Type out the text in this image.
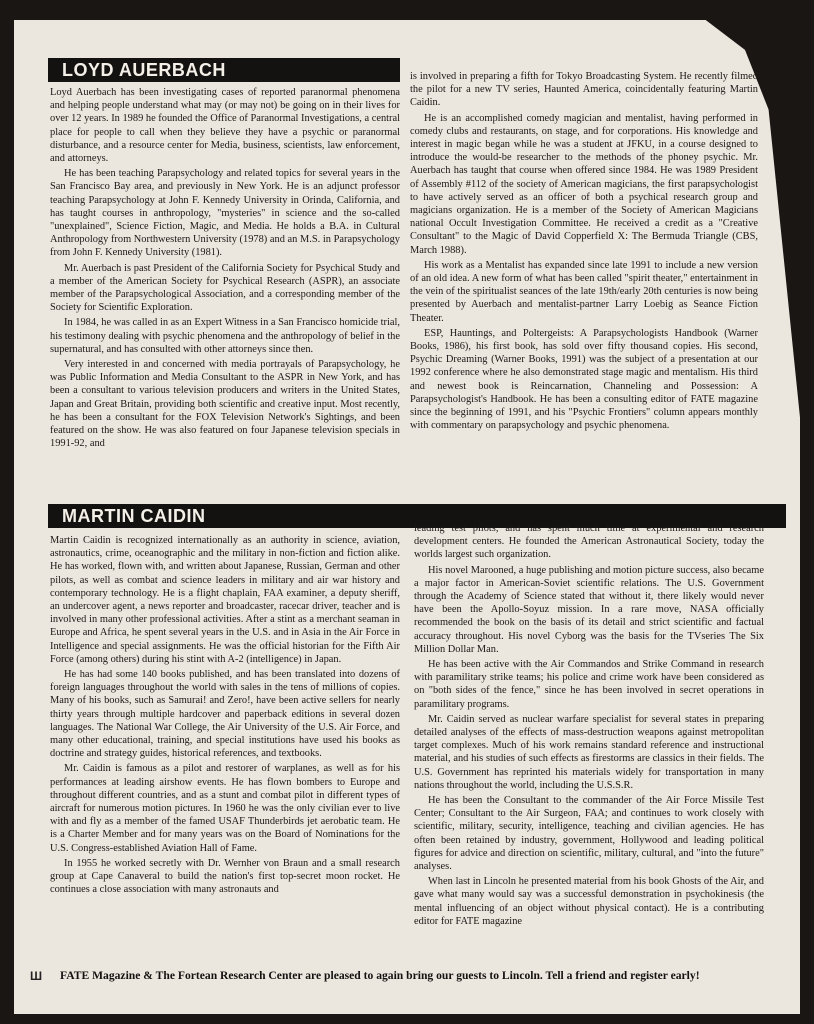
LOYD AUERBACH

Loyd Auerbach has been investigating cases of reported paranormal phenomena and helping people understand what may (or may not) be going on in their lives for over 12 years. In 1989 he founded the Office of Paranormal Investigations, a central place for people to call when they believe they have a psychic or paranormal disturbance, and a resource center for Media, business, scientists, law enforcement, and attorneys.

He has been teaching Parapsychology and related topics for several years in the San Francisco Bay area, and previously in New York. He is an adjunct professor teaching Parapsychology at John F. Kennedy University in Orinda, California, and has taught courses in anthropology, "mysteries" in science and the so-called "unexplained", Science Fiction, Magic, and Media. He holds a B.A. in Cultural Anthropology from Northwestern University (1978) and an M.S. in Parapsychology from John F. Kennedy University (1981).

Mr. Auerbach is past President of the California Society for Psychical Study and a member of the American Society for Psychical Research (ASPR), an associate member of the Parapsychological Association, and a corresponding member of the Society for Scientific Exploration.

In 1984, he was called in as an Expert Witness in a San Francisco homicide trial, his testimony dealing with psychic phenomena and the anthropology of belief in the supernatural, and has consulted with other attorneys since then.

Very interested in and concerned with media portrayals of Parapsychology, he was Public Information and Media Consultant to the ASPR in New York, and has been a consultant to various television producers and writers in the United States, Japan and Great Britain, providing both scientific and creative input. Most recently, he has been a consultant for the FOX Television Network's Sightings, and been featured on the show. He was also featured on four Japanese television specials in 1991-92, and

is involved in preparing a fifth for Tokyo Broadcasting System. He recently filmed the pilot for a new TV series, Haunted America, coincidentally featuring Martin Caidin.

He is an accomplished comedy magician and mentalist, having performed in comedy clubs and restaurants, on stage, and for corporations. His knowledge and interest in magic began while he was a student at JFKU, in a course designed to introduce the would-be researcher to the methods of the phoney psychic. Mr. Auerbach has taught that course when offered since 1984. He was 1989 President of Assembly #112 of the society of American magicians, the first parapsychologist to have actively served as an officer of both a psychical research group and magicians organization. He is a member of the Society of American Magicians national Occult Investigation Committee. He received a credit as a "Creative Consultant" to the Magic of David Copperfield X: The Bermuda Triangle (CBS, March 1988).

His work as a Mentalist has expanded since late 1991 to include a new version of an old idea. A new form of what has been called "spirit theater," entertainment in the vein of the spiritualist seances of the late 19th/early 20th centuries is now being presented by Auerbach and mentalist-partner Larry Loebig as Seance Fiction Theater.

ESP, Hauntings, and Poltergeists: A Parapsychologists Handbook (Warner Books, 1986), his first book, has sold over fifty thousand copies. His second, Psychic Dreaming (Warner Books, 1991) was the subject of a presentation at our 1992 conference where he also demonstrated stage magic and mentalism. His third and newest book is Reincarnation, Channeling and Possession: A Parapsychologist's Handbook. He has been a consulting editor of FATE magazine since the beginning of 1991, and his "Psychic Frontiers" column appears monthly with commentary on parapsychology and psychic phenomena.

MARTIN CAIDIN

Martin Caidin is recognized internationally as an authority in science, aviation, astronautics, crime, oceanographic and the military in non-fiction and fiction alike. He has worked, flown with, and written about Japanese, Russian, German and other pilots, as well as combat and science leaders in military and air war history and contemporary technology. He is a flight chaplain, FAA examiner, a deputy sheriff, an undercover agent, a news reporter and broadcaster, racecar driver, teacher and is involved in many other professional activities. After a stint as a merchant seaman in Europe and Africa, he spent several years in the U.S. and in Asia in the Air Force in Intelligence and special assignments. He was the official historian for the Fifth Air Force (among others) during his stint with A-2 (intelligence) in Japan.

He has had some 140 books published, and has been translated into dozens of foreign languages throughout the world with sales in the tens of millions of copies. Many of his books, such as Samurai! and Zero!, have been active sellers for nearly thirty years through multiple hardcover and paperback editions in several dozen languages. The National War College, the Air University of the U.S. Air Force, and many other educational, training, and special institutions have used his books as doctrine and strategy guides, historical references, and textbooks.

Mr. Caidin is famous as a pilot and restorer of warplanes, as well as for his performances at leading airshow events. He has flown bombers to Europe and throughout different countries, and as a stunt and combat pilot in different types of aircraft for numerous motion pictures. In 1960 he was the only civilian ever to live with and fly as a member of the famed USAF Thunderbirds jet aerobatic team. He is a Charter Member and for many years was on the Board of Nominations for the U.S. Congress-established Aviation Hall of Fame.

In 1955 he worked secretly with Dr. Wernher von Braun and a small research group at Cape Canaveral to build the nation's first top-secret moon rocket. He continues a close association with many astronauts and

leading test pilots, and has spent much time at experimental and research development centers. He founded the American Astronautical Society, today the worlds largest such organization.

His novel Marooned, a huge publishing and motion picture success, also became a major factor in American-Soviet scientific relations. The U.S. Government through the Academy of Science stated that without it, there likely would never have been the Apollo-Soyuz mission. In a rare move, NASA officially recommended the book on the basis of its detail and strict scientific and factual accuracy throughout. His novel Cyborg was the basis for the TVseries The Six Million Dollar Man.

He has been active with the Air Commandos and Strike Command in research with paramilitary strike teams; his police and crime work have been considered as on "both sides of the fence," since he has been involved in secret operations in paramilitary programs.

Mr. Caidin served as nuclear warfare specialist for several states in preparing detailed analyses of the effects of mass-destruction weapons against metropolitan target complexes. Much of his work remains standard reference and instructional material, and his studies of such effects as firestorms are classics in their fields. The U.S. Government has reprinted his materials widely for transportation in many nations throughout the world, including the U.S.S.R.

He has been the Consultant to the commander of the Air Force Missile Test Center; Consultant to the Air Surgeon, FAA; and continues to work closely with scientific, military, security, intelligence, teaching and civilian agencies. He has often been retained by industry, government, Hollywood and leading political figures for advice and direction on scientific, military, cultural, and "into the future" analyses.

When last in Lincoln he presented material from his book Ghosts of the Air, and gave what many would say was a successful demonstration in psychokinesis (the mental influencing of an object without physical contact). He is a contributing editor for FATE magazine

Ш FATE Magazine & The Fortean Research Center are pleased to again bring our guests to Lincoln. Tell a friend and register early!
